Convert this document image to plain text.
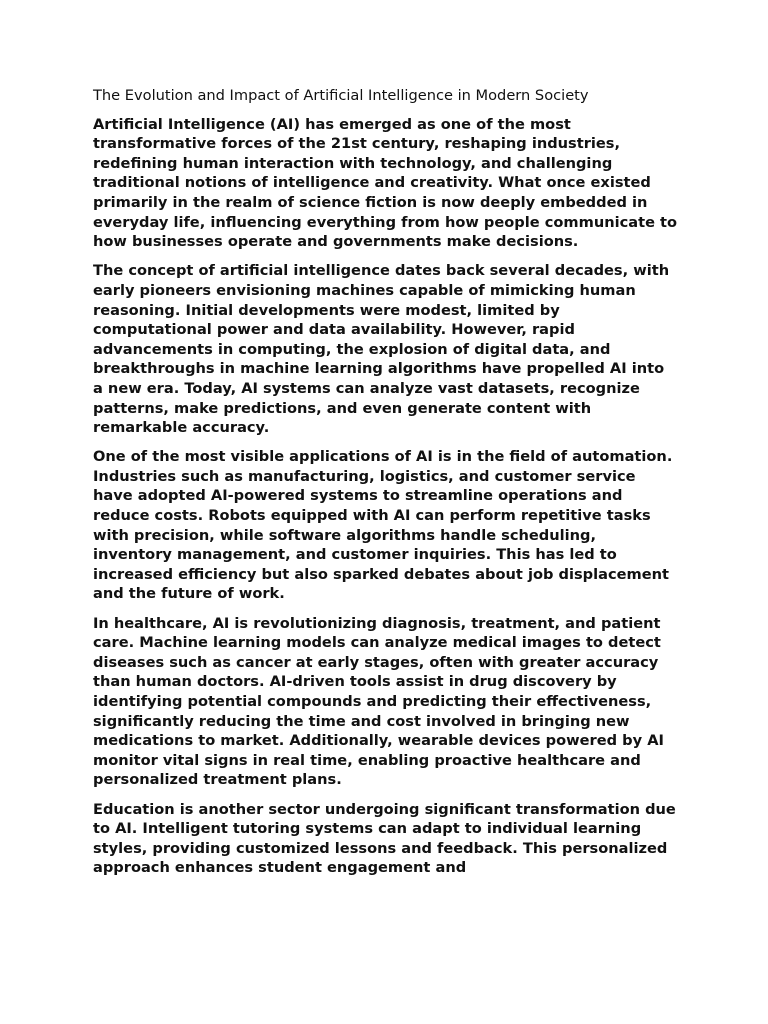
The Evolution and Impact of Artificial Intelligence in Modern Society

Artificial Intelligence (AI) has emerged as one of the most transformative forces of the 21st century, reshaping industries, redefining human interaction with technology, and challenging traditional notions of intelligence and creativity. What once existed primarily in the realm of science fiction is now deeply embedded in everyday life, influencing everything from how people communicate to how businesses operate and governments make decisions.

The concept of artificial intelligence dates back several decades, with early pioneers envisioning machines capable of mimicking human reasoning. Initial developments were modest, limited by computational power and data availability. However, rapid advancements in computing, the explosion of digital data, and breakthroughs in machine learning algorithms have propelled AI into a new era. Today, AI systems can analyze vast datasets, recognize patterns, make predictions, and even generate content with remarkable accuracy.

One of the most visible applications of AI is in the field of automation. Industries such as manufacturing, logistics, and customer service have adopted AI-powered systems to streamline operations and reduce costs. Robots equipped with AI can perform repetitive tasks with precision, while software algorithms handle scheduling, inventory management, and customer inquiries. This has led to increased efficiency but also sparked debates about job displacement and the future of work.

In healthcare, AI is revolutionizing diagnosis, treatment, and patient care. Machine learning models can analyze medical images to detect diseases such as cancer at early stages, often with greater accuracy than human doctors. AI-driven tools assist in drug discovery by identifying potential compounds and predicting their effectiveness, significantly reducing the time and cost involved in bringing new medications to market. Additionally, wearable devices powered by AI monitor vital signs in real time, enabling proactive healthcare and personalized treatment plans.

Education is another sector undergoing significant transformation due to AI. Intelligent tutoring systems can adapt to individual learning styles, providing customized lessons and feedback. This personalized approach enhances student engagement and
